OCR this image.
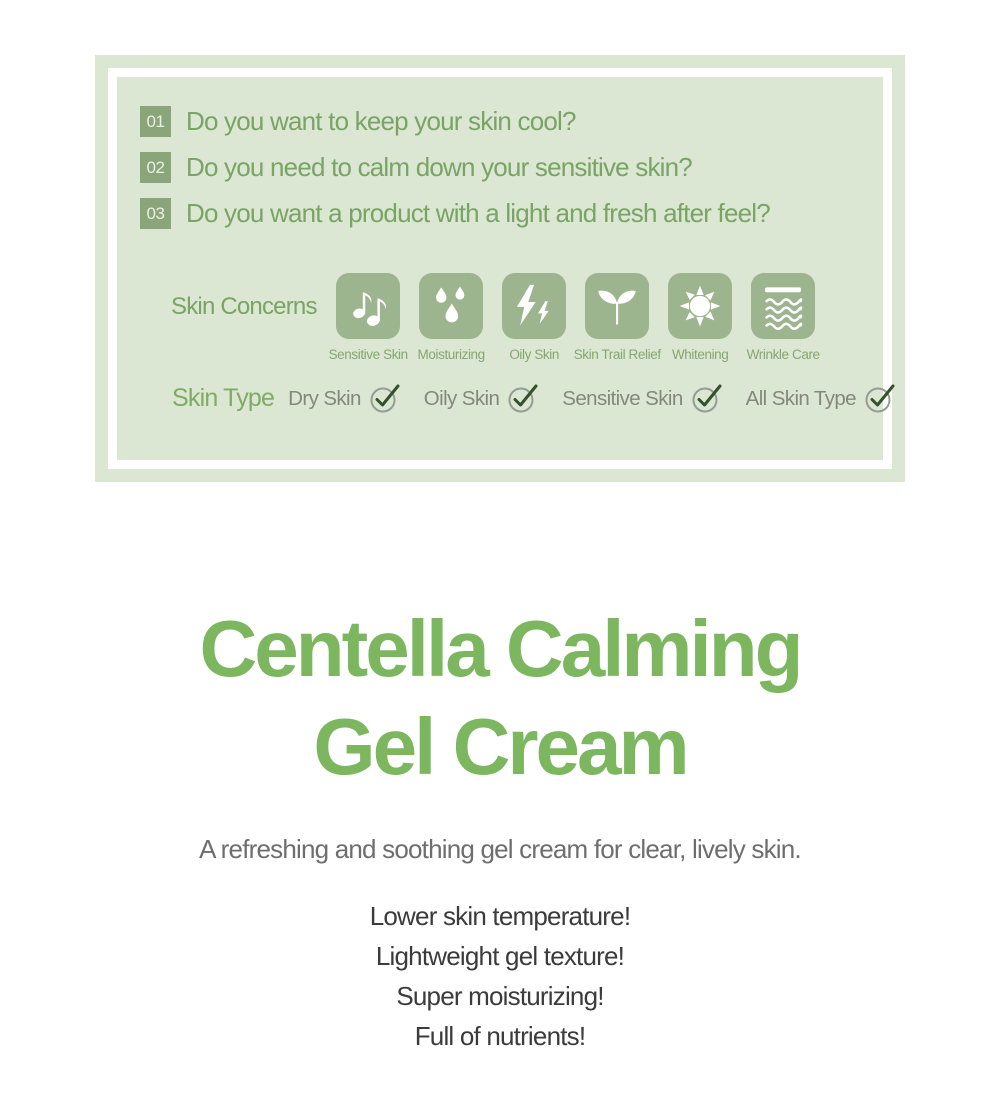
01 Do you want to keep your skin cool?
02 Do you need to calm down your sensitive skin?
03 Do you want a product with a light and fresh after feel?
Skin Concerns
Sensitive Skin Moisturizing Oily Skin Skin Trail Relief Whitening Wrinkle Care
Skin Type Dry Skin	Oily Skin	Sensitive Skin	All Skin Type
Centella Calming
Gel Cream
A refreshing and soothing gel cream for clear, lively skin.
Lower skin temperature!
Lightweight gel texture!
Super moisturizing!
Full of nutrients!
